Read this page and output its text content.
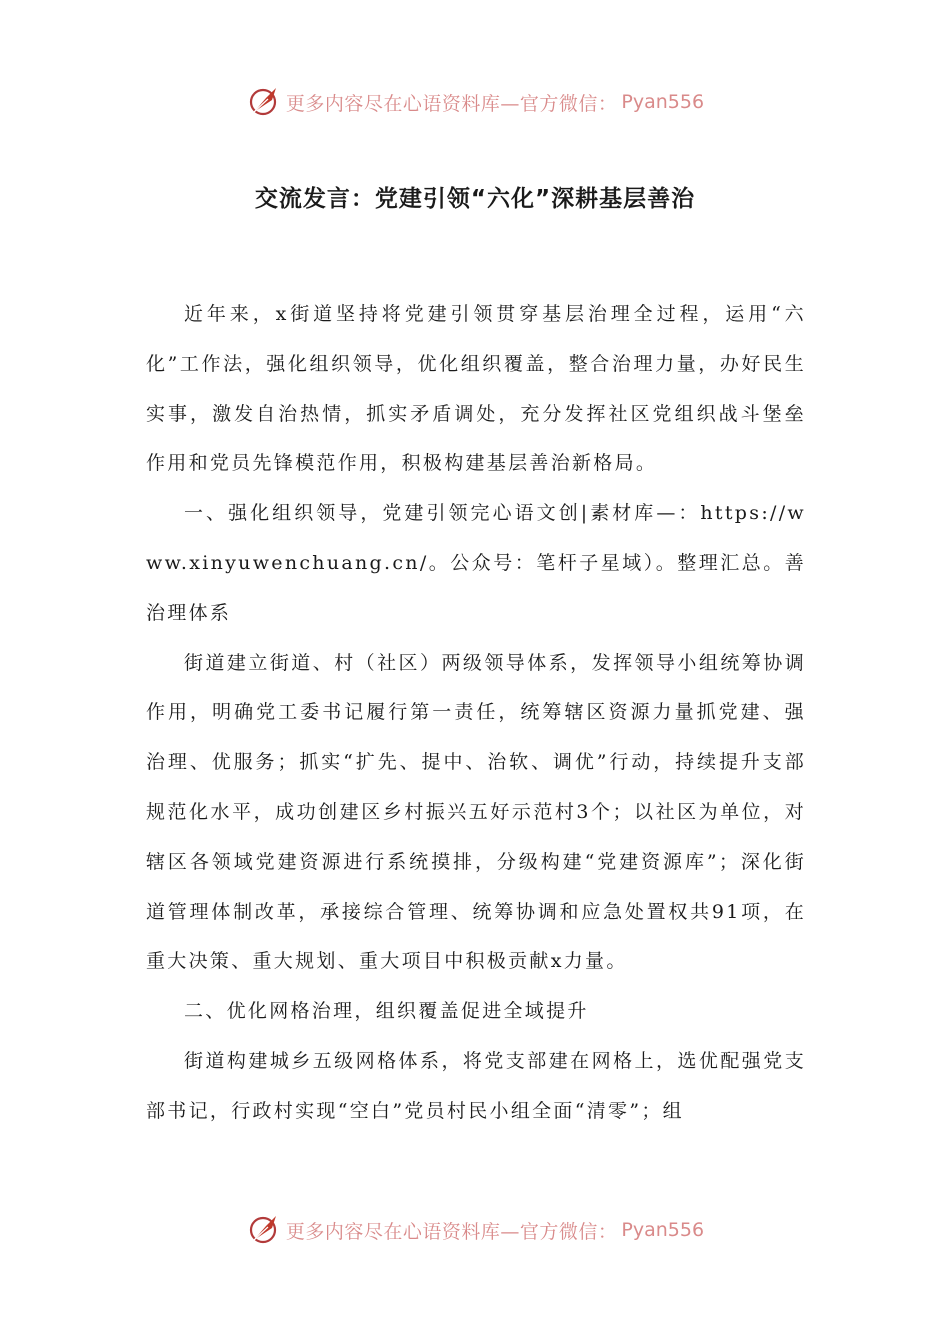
更多内容尽在心语资料库—官方微信： Pyan556
交流发言：党建引领“六化”深耕基层善治

近年来，x街道坚持将党建引领贯穿基层治理全过程，运用“六化”工作法，强化组织领导，优化组织覆盖，整合治理力量，办好民生实事，激发自治热情，抓实矛盾调处，充分发挥社区党组织战斗堡垒作用和党员先锋模范作用，积极构建基层善治新格局。

一、强化组织领导，党建引领完心语文创|素材库—：https://www.xinyuwenchuang.cn/。公众号：笔杆子星域）。整理汇总。善治理体系

街道建立街道、村（社区）两级领导体系，发挥领导小组统筹协调作用，明确党工委书记履行第一责任，统筹辖区资源力量抓党建、强治理、优服务；抓实“扩先、提中、治软、调优”行动，持续提升支部规范化水平，成功创建区乡村振兴五好示范村3个；以社区为单位，对辖区各领域党建资源进行系统摸排，分级构建“党建资源库”；深化街道管理体制改革，承接综合管理、统筹协调和应急处置权共91项，在重大决策、重大规划、重大项目中积极贡献x力量。

二、优化网格治理，组织覆盖促进全域提升

街道构建城乡五级网格体系，将党支部建在网格上，选优配强党支部书记，行政村实现“空白”党员村民小组全面“清零”；组

更多内容尽在心语资料库—官方微信： Pyan556
